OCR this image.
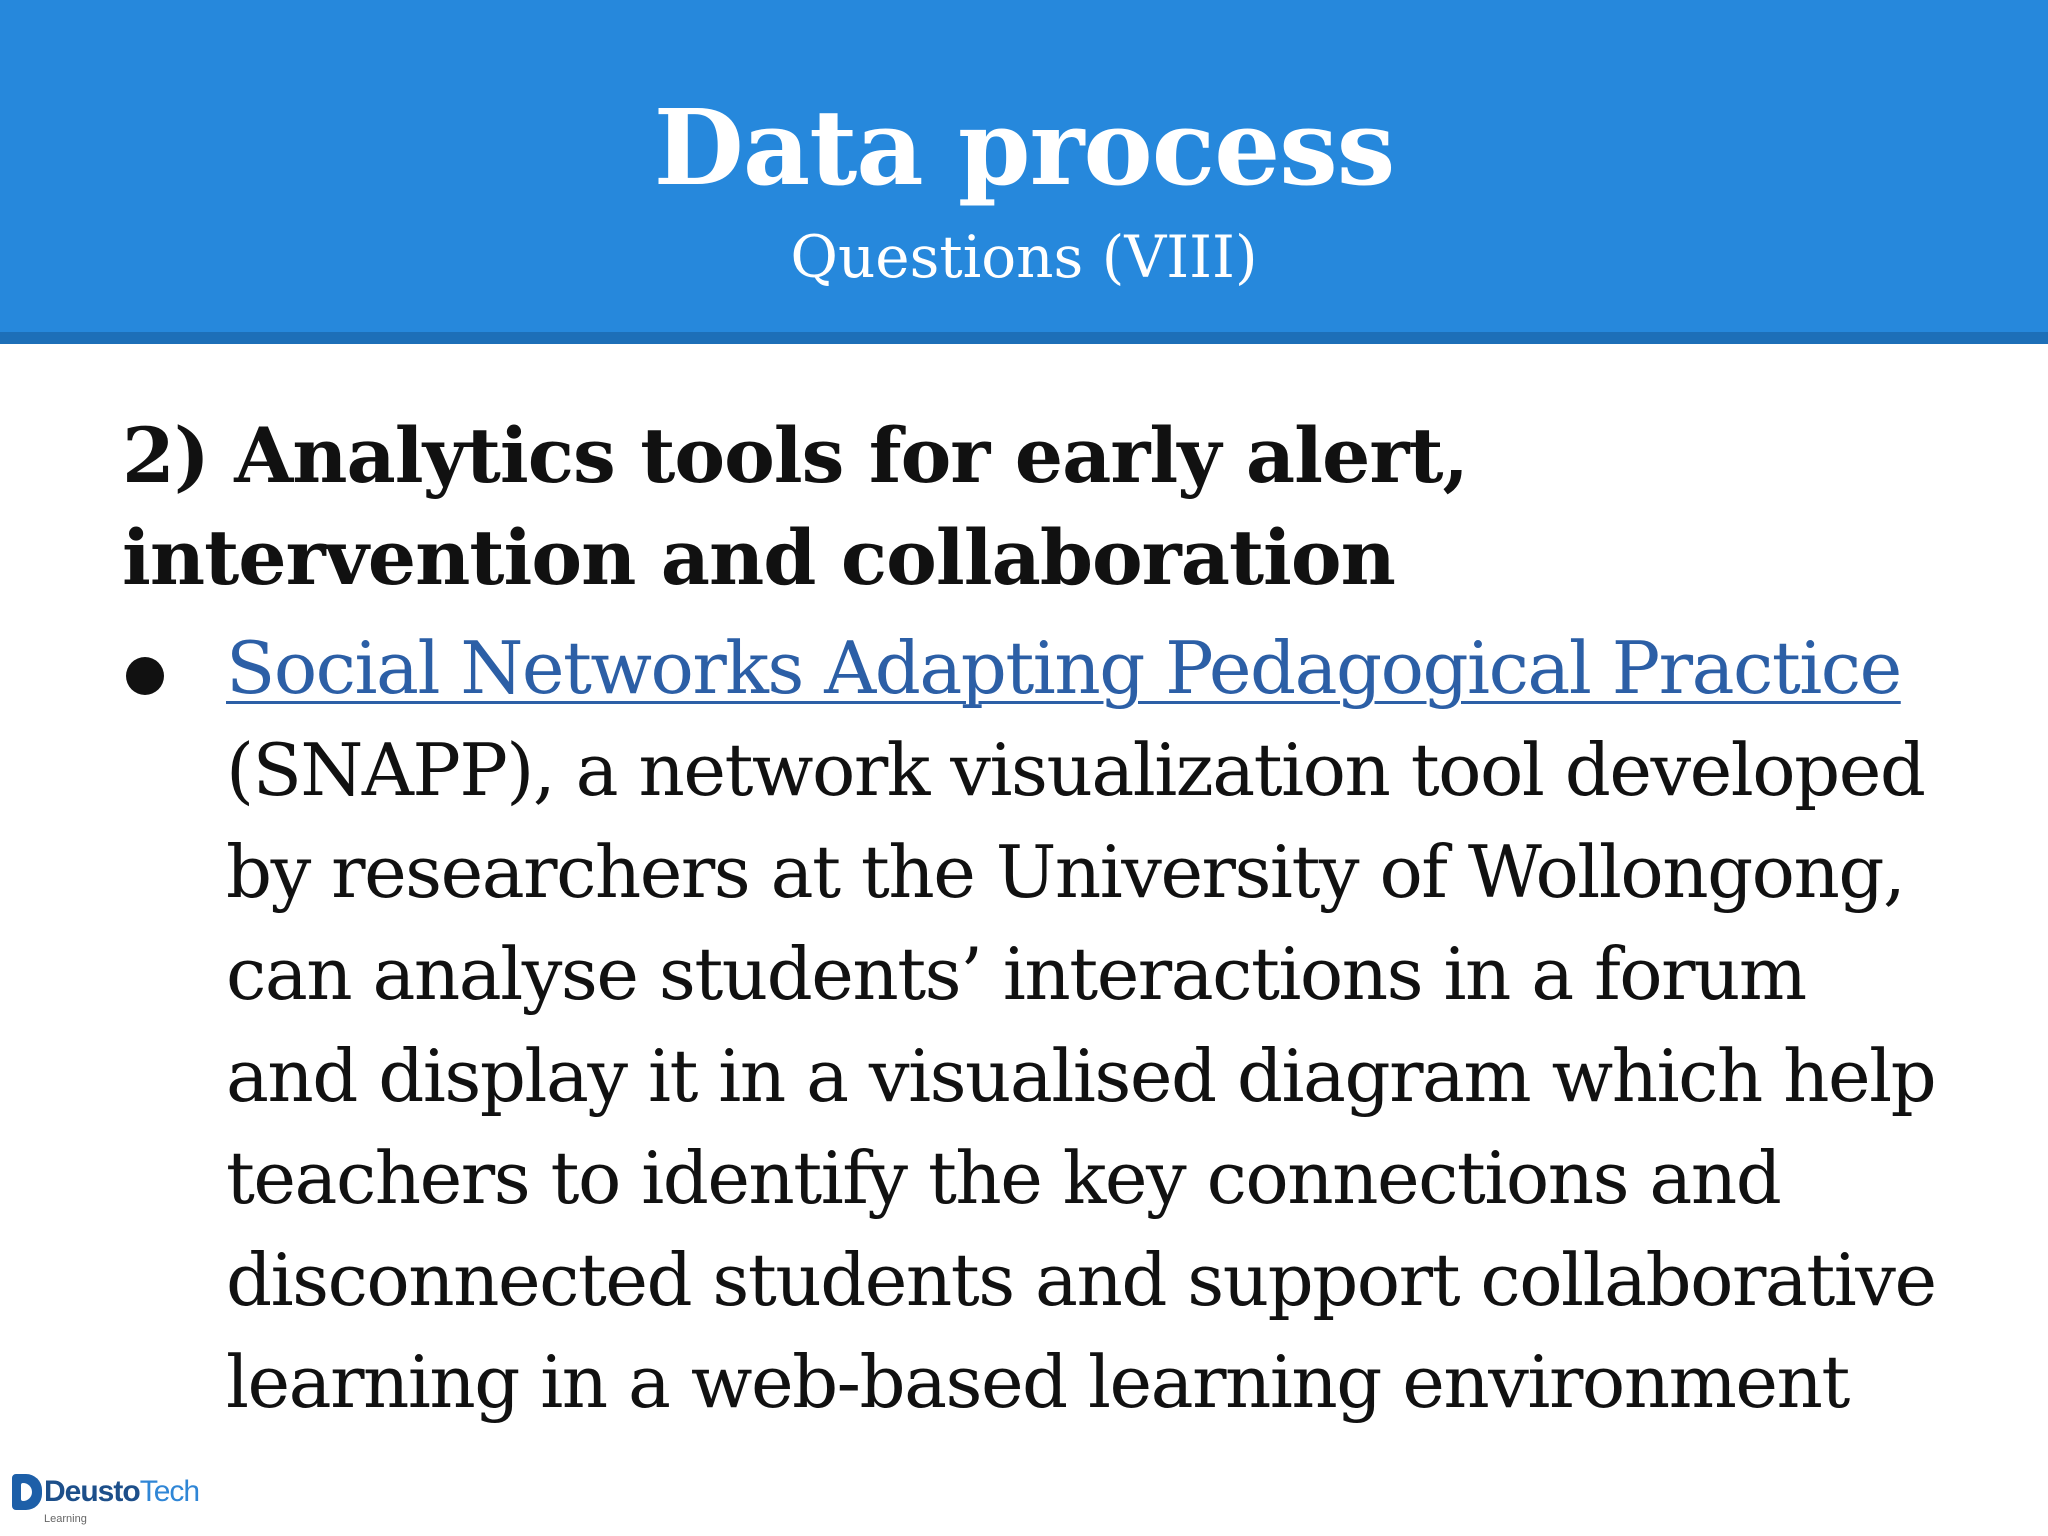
Data process
Questions (VIII)
2) Analytics tools for early alert, intervention and collaboration
Social Networks Adapting Pedagogical Practice (SNAPP), a network visualization tool developed by researchers at the University of Wollongong, can analyse students’ interactions in a forum and display it in a visualised diagram which help teachers to identify the key connections and disconnected students and support collaborative learning in a web-based learning environment
DeustoTech
Learning
